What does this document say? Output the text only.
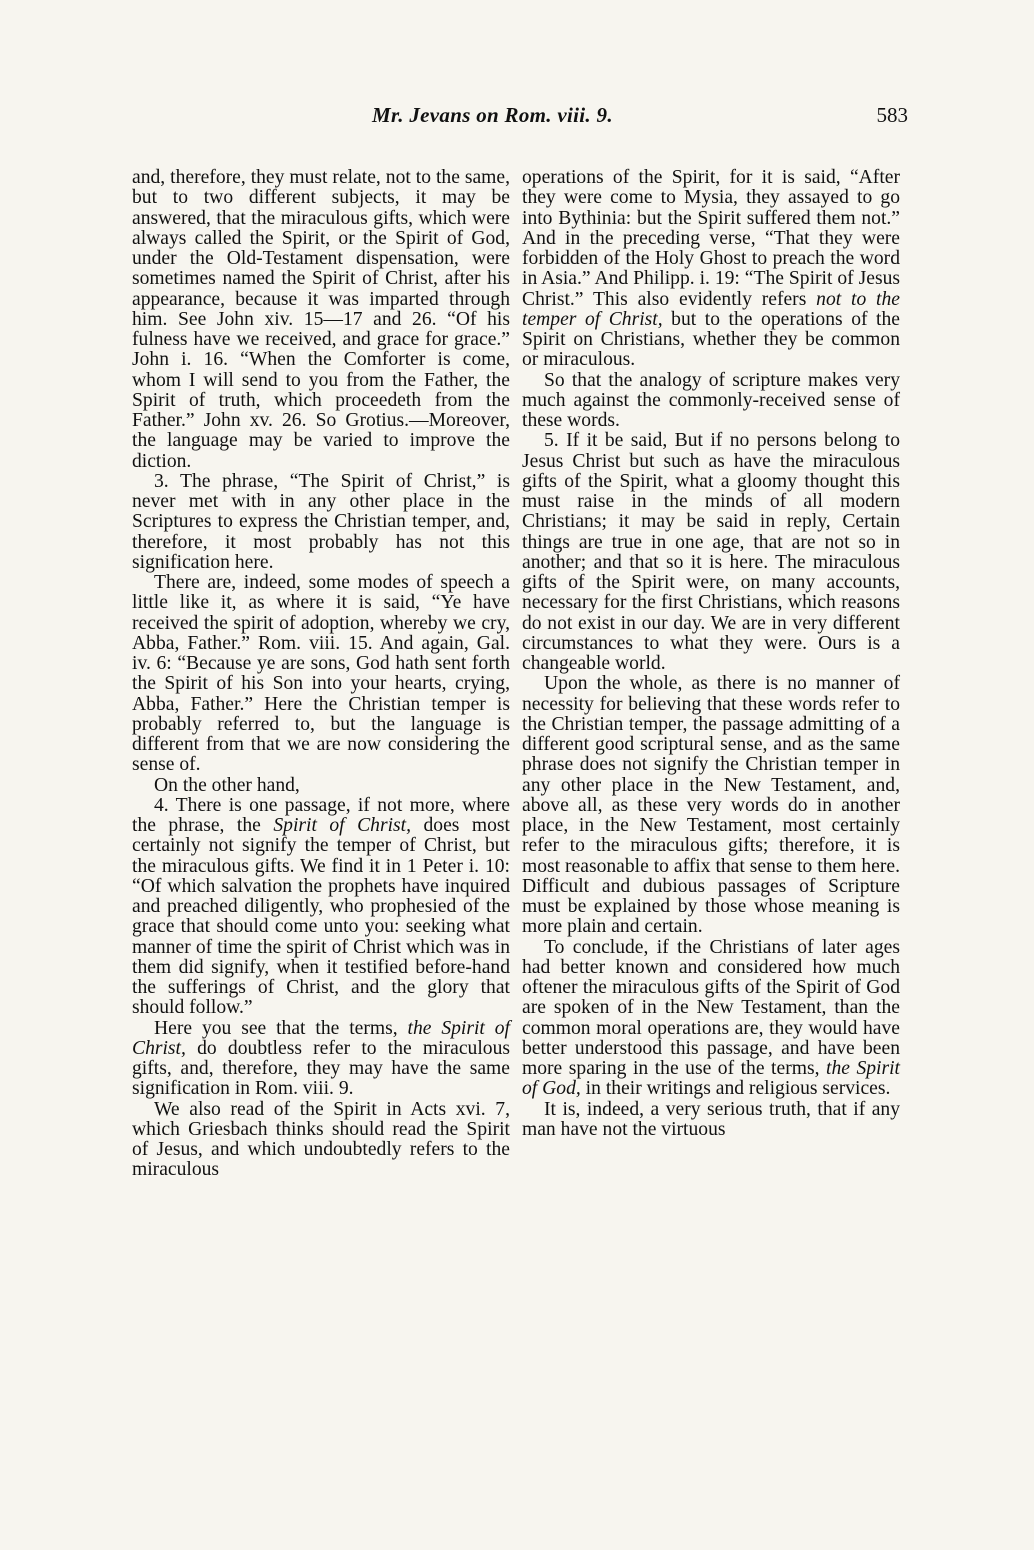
Mr. Jevans on Rom. viii. 9.	583

and, therefore, they must relate, not to the same, but to two different subjects, it may be answered, that the miraculous gifts, which were always called the Spirit, or the Spirit of God, under the Old-Testament dispensation, were sometimes named the Spirit of Christ, after his appearance, because it was imparted through him. See John xiv. 15—17 and 26. “Of his fulness have we received, and grace for grace.” John i. 16. “When the Comforter is come, whom I will send to you from the Father, the Spirit of truth, which proceedeth from the Father.” John xv. 26. So Grotius.—Moreover, the language may be varied to improve the diction.

3. The phrase, “The Spirit of Christ,” is never met with in any other place in the Scriptures to express the Christian temper, and, therefore, it most probably has not this signification here.

There are, indeed, some modes of speech a little like it, as where it is said, “Ye have received the spirit of adoption, whereby we cry, Abba, Father.” Rom. viii. 15. And again, Gal. iv. 6: “Because ye are sons, God hath sent forth the Spirit of his Son into your hearts, crying, Abba, Father.” Here the Christian temper is probably referred to, but the language is different from that we are now considering the sense of.

On the other hand,

4. There is one passage, if not more, where the phrase, the Spirit of Christ, does most certainly not signify the temper of Christ, but the miraculous gifts. We find it in 1 Peter i. 10: “Of which salvation the prophets have inquired and preached diligently, who prophesied of the grace that should come unto you: seeking what manner of time the spirit of Christ which was in them did signify, when it testified before-hand the sufferings of Christ, and the glory that should follow.”

Here you see that the terms, the Spirit of Christ, do doubtless refer to the miraculous gifts, and, therefore, they may have the same signification in Rom. viii. 9.

We also read of the Spirit in Acts xvi. 7, which Griesbach thinks should read the Spirit of Jesus, and which undoubtedly refers to the miraculous

operations of the Spirit, for it is said, “After they were come to Mysia, they assayed to go into Bythinia: but the Spirit suffered them not.” And in the preceding verse, “That they were forbidden of the Holy Ghost to preach the word in Asia.” And Philipp. i. 19: “The Spirit of Jesus Christ.” This also evidently refers not to the temper of Christ, but to the operations of the Spirit on Christians, whether they be common or miraculous.

So that the analogy of scripture makes very much against the commonly-received sense of these words.

5. If it be said, But if no persons belong to Jesus Christ but such as have the miraculous gifts of the Spirit, what a gloomy thought this must raise in the minds of all modern Christians; it may be said in reply, Certain things are true in one age, that are not so in another; and that so it is here. The miraculous gifts of the Spirit were, on many accounts, necessary for the first Christians, which reasons do not exist in our day. We are in very different circumstances to what they were. Ours is a changeable world.

Upon the whole, as there is no manner of necessity for believing that these words refer to the Christian temper, the passage admitting of a different good scriptural sense, and as the same phrase does not signify the Christian temper in any other place in the New Testament, and, above all, as these very words do in another place, in the New Testament, most certainly refer to the miraculous gifts; therefore, it is most reasonable to affix that sense to them here. Difficult and dubious passages of Scripture must be explained by those whose meaning is more plain and certain.

To conclude, if the Christians of later ages had better known and considered how much oftener the miraculous gifts of the Spirit of God are spoken of in the New Testament, than the common moral operations are, they would have better understood this passage, and have been more sparing in the use of the terms, the Spirit of God, in their writings and religious services.

It is, indeed, a very serious truth, that if any man have not the virtuous
